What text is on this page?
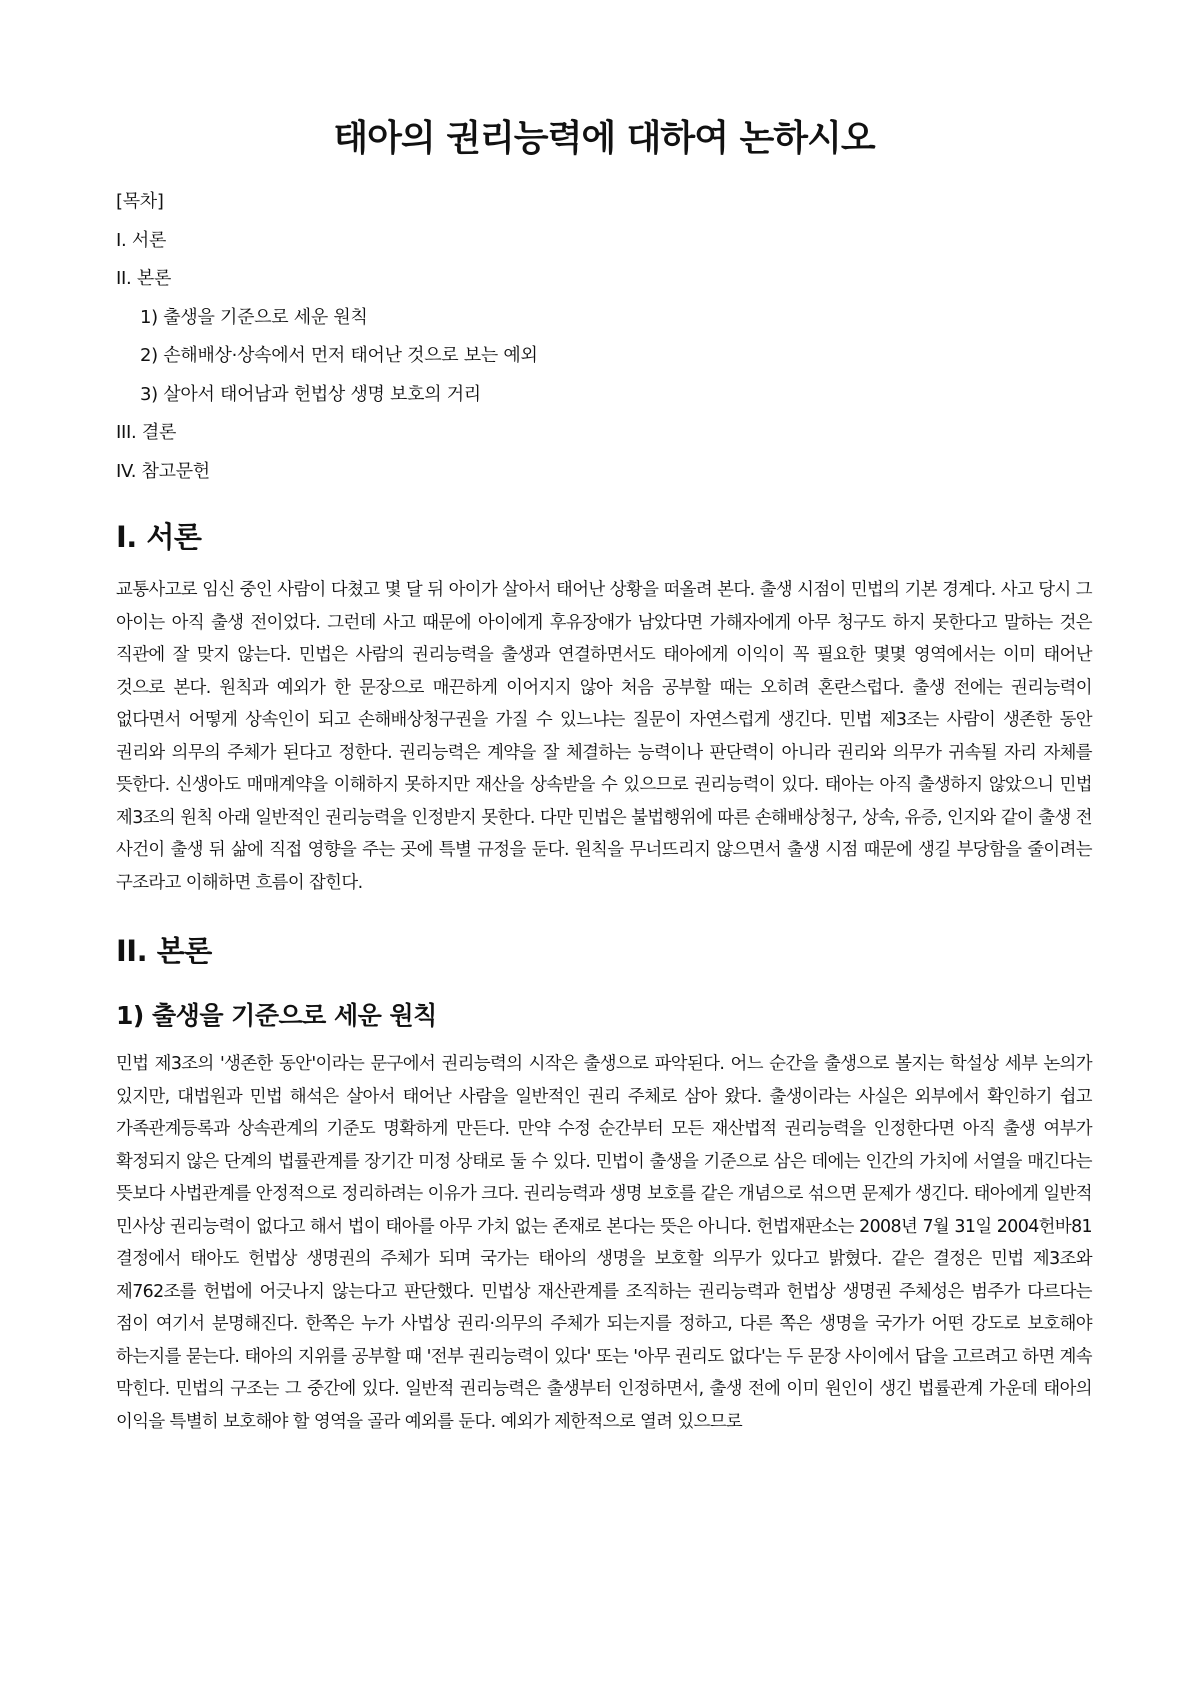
태아의 권리능력에 대하여 논하시오
[목차]
I. 서론
II. 본론
1) 출생을 기준으로 세운 원칙
2) 손해배상·상속에서 먼저 태어난 것으로 보는 예외
3) 살아서 태어남과 헌법상 생명 보호의 거리
III. 결론
IV. 참고문헌
I. 서론

교통사고로 임신 중인 사람이 다쳤고 몇 달 뒤 아이가 살아서 태어난 상황을 떠올려 본다. 출생 시점이 민법의 기본 경계다. 사고 당시 그 아이는 아직 출생 전이었다. 그런데 사고 때문에 아이에게 후유장애가 남았다면 가해자에게 아무 청구도 하지 못한다고 말하는 것은 직관에 잘 맞지 않는다. 민법은 사람의 권리능력을 출생과 연결하면서도 태아에게 이익이 꼭 필요한 몇몇 영역에서는 이미 태어난 것으로 본다. 원칙과 예외가 한 문장으로 매끈하게 이어지지 않아 처음 공부할 때는 오히려 혼란스럽다. 출생 전에는 권리능력이 없다면서 어떻게 상속인이 되고 손해배상청구권을 가질 수 있느냐는 질문이 자연스럽게 생긴다. 민법 제3조는 사람이 생존한 동안 권리와 의무의 주체가 된다고 정한다. 권리능력은 계약을 잘 체결하는 능력이나 판단력이 아니라 권리와 의무가 귀속될 자리 자체를 뜻한다. 신생아도 매매계약을 이해하지 못하지만 재산을 상속받을 수 있으므로 권리능력이 있다. 태아는 아직 출생하지 않았으니 민법 제3조의 원칙 아래 일반적인 권리능력을 인정받지 못한다. 다만 민법은 불법행위에 따른 손해배상청구, 상속, 유증, 인지와 같이 출생 전 사건이 출생 뒤 삶에 직접 영향을 주는 곳에 특별 규정을 둔다. 원칙을 무너뜨리지 않으면서 출생 시점 때문에 생길 부당함을 줄이려는 구조라고 이해하면 흐름이 잡힌다.

II. 본론
1) 출생을 기준으로 세운 원칙

민법 제3조의 '생존한 동안'이라는 문구에서 권리능력의 시작은 출생으로 파악된다. 어느 순간을 출생으로 볼지는 학설상 세부 논의가 있지만, 대법원과 민법 해석은 살아서 태어난 사람을 일반적인 권리 주체로 삼아 왔다. 출생이라는 사실은 외부에서 확인하기 쉽고 가족관계등록과 상속관계의 기준도 명확하게 만든다. 만약 수정 순간부터 모든 재산법적 권리능력을 인정한다면 아직 출생 여부가 확정되지 않은 단계의 법률관계를 장기간 미정 상태로 둘 수 있다. 민법이 출생을 기준으로 삼은 데에는 인간의 가치에 서열을 매긴다는 뜻보다 사법관계를 안정적으로 정리하려는 이유가 크다. 권리능력과 생명 보호를 같은 개념으로 섞으면 문제가 생긴다. 태아에게 일반적 민사상 권리능력이 없다고 해서 법이 태아를 아무 가치 없는 존재로 본다는 뜻은 아니다. 헌법재판소는 2008년 7월 31일 2004헌바81 결정에서 태아도 헌법상 생명권의 주체가 되며 국가는 태아의 생명을 보호할 의무가 있다고 밝혔다. 같은 결정은 민법 제3조와 제762조를 헌법에 어긋나지 않는다고 판단했다. 민법상 재산관계를 조직하는 권리능력과 헌법상 생명권 주체성은 범주가 다르다는 점이 여기서 분명해진다. 한쪽은 누가 사법상 권리·의무의 주체가 되는지를 정하고, 다른 쪽은 생명을 국가가 어떤 강도로 보호해야 하는지를 묻는다. 태아의 지위를 공부할 때 '전부 권리능력이 있다' 또는 '아무 권리도 없다'는 두 문장 사이에서 답을 고르려고 하면 계속 막힌다. 민법의 구조는 그 중간에 있다. 일반적 권리능력은 출생부터 인정하면서, 출생 전에 이미 원인이 생긴 법률관계 가운데 태아의 이익을 특별히 보호해야 할 영역을 골라 예외를 둔다. 예외가 제한적으로 열려 있으므로
